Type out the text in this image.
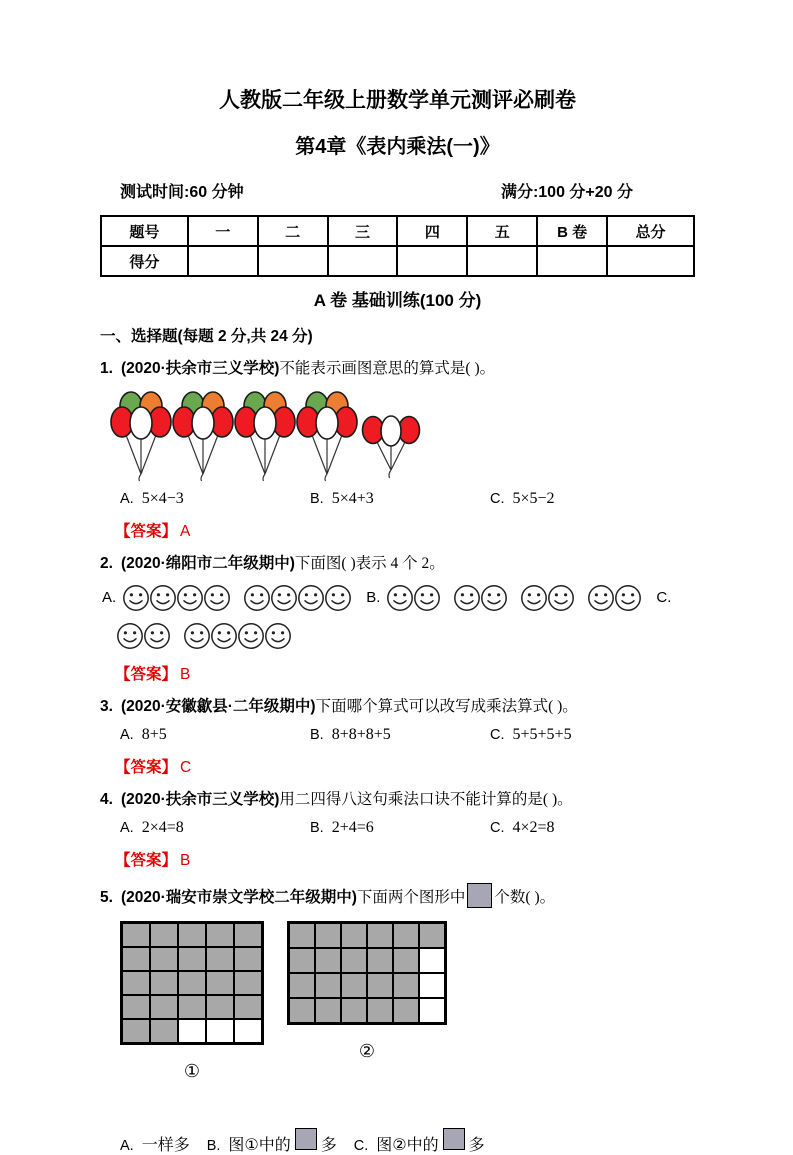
人教版二年级上册数学单元测评必刷卷
第4章《表内乘法(一)》
测试时间:60 分钟	满分:100 分+20 分
题号	一	二	三	四	五	B 卷	总分
得分							
A 卷 基础训练(100 分)
一、选择题(每题 2 分,共 24 分)
1. (2020·扶余市三义学校)不能表示画图意思的算式是( )。
A. 5×4−3	B. 5×4+3	C. 5×5−2
【答案】 A
2. (2020·绵阳市二年级期中)下面图( )表示 4 个 2。
A.	B.	C.
【答案】 B
3. (2020·安徽歙县·二年级期中)下面哪个算式可以改写成乘法算式( )。
A. 8+5	B. 8+8+8+5	C. 5+5+5+5
【答案】 C
4. (2020·扶余市三义学校)用二四得八这句乘法口诀不能计算的是( )。
A. 2×4=8	B. 2+4=6	C. 4×2=8
【答案】 B
5. (2020·瑞安市崇文学校二年级期中)下面两个图形中 个数( )。
①
②
A. 一样多 B. 图①中的 多 C. 图②中的 多
